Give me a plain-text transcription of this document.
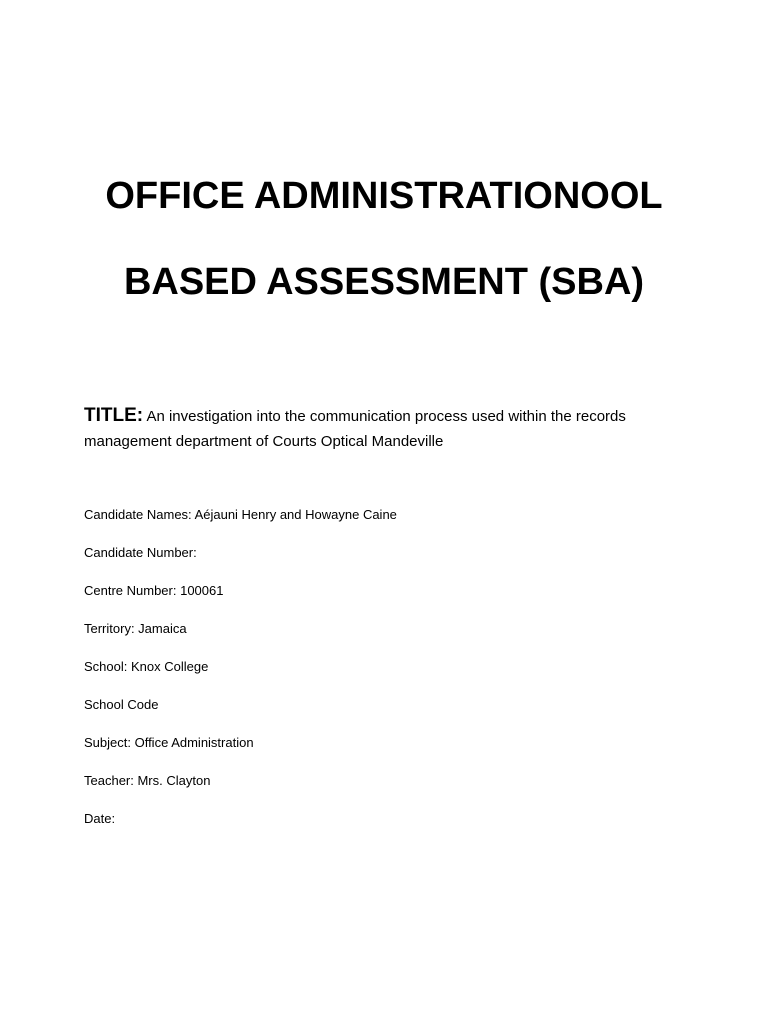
OFFICE ADMINISTRATIONOOL
BASED ASSESSMENT (SBA)
TITLE: An investigation into the communication process used within the records management department of Courts Optical Mandeville
Candidate Names: Aéjauni Henry and Howayne Caine
Candidate Number:
Centre Number: 100061
Territory: Jamaica
School: Knox College
School Code
Subject: Office Administration
Teacher: Mrs. Clayton
Date:
